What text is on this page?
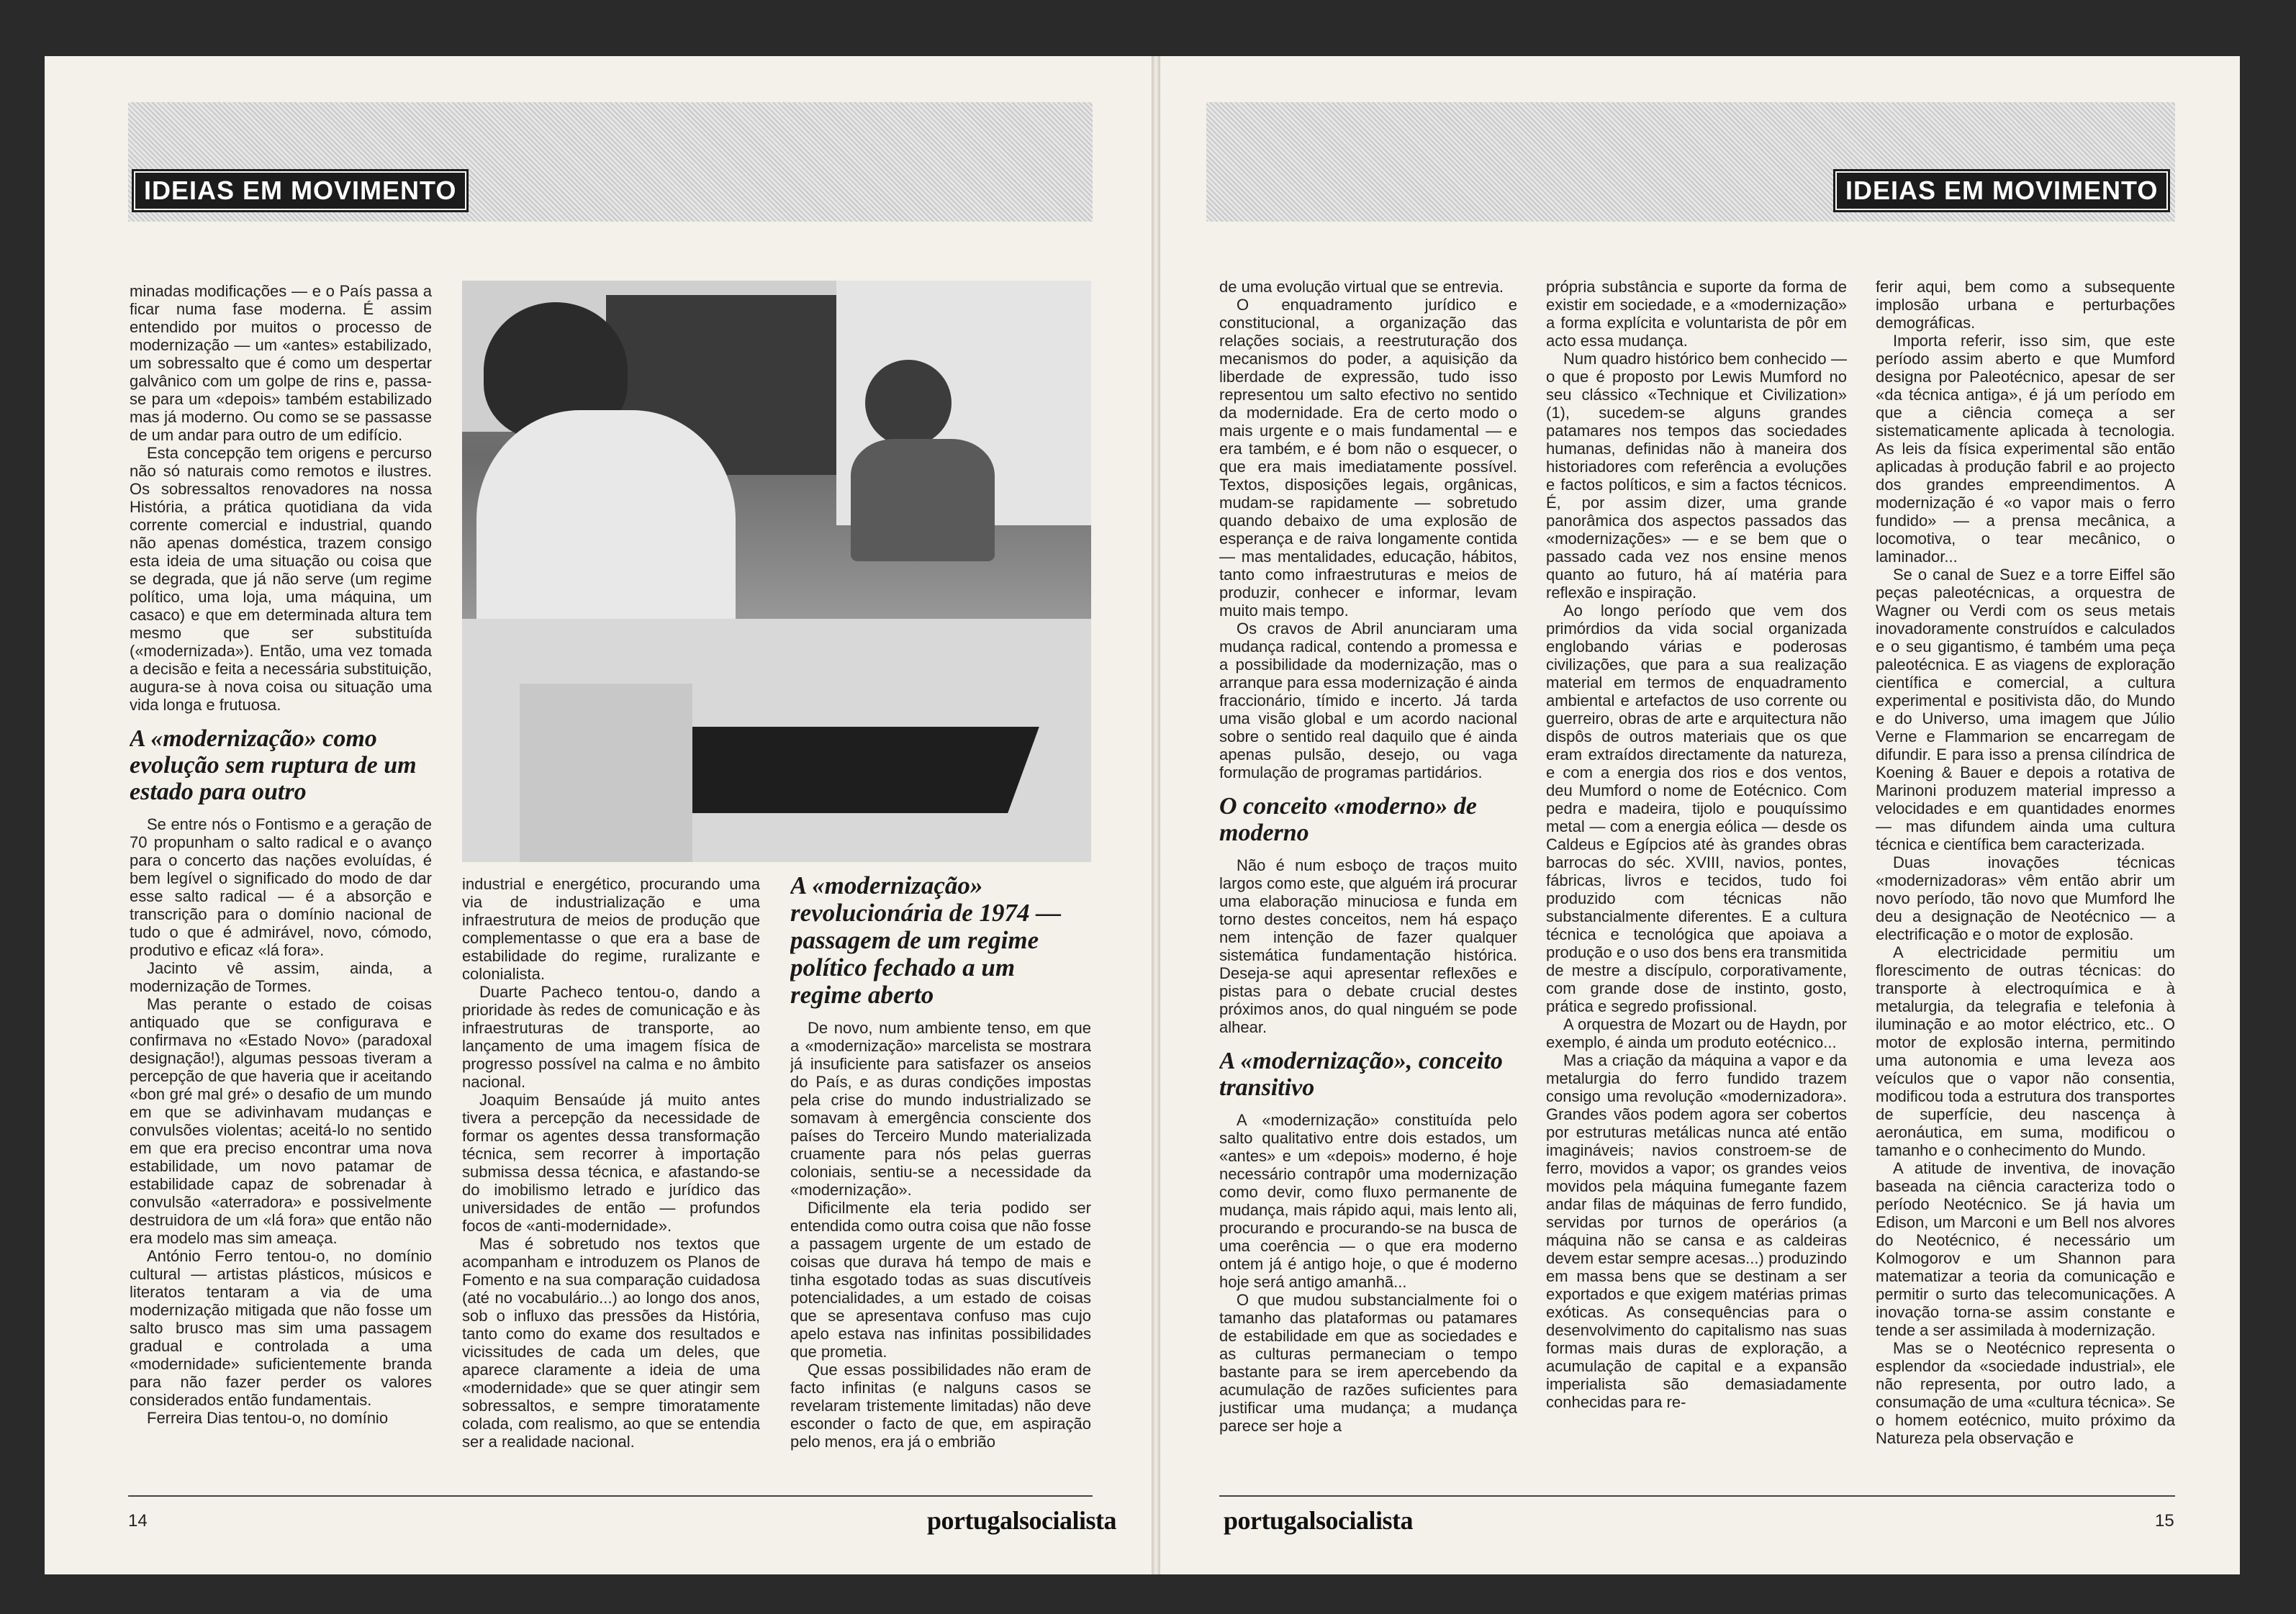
IDEIAS EM MOVIMENTO	IDEIAS EM MOVIMENTO

minadas modificações — e o País passa a ficar numa fase moderna. É assim entendido por muitos o processo de modernização — um «antes» estabilizado, um sobressalto que é como um despertar galvânico com um golpe de rins e, passa-se para um «depois» também estabilizado mas já moderno. Ou como se se passasse de um andar para outro de um edifício.

Esta concepção tem origens e percurso não só naturais como remotos e ilustres. Os sobressaltos renovadores na nossa História, a prática quotidiana da vida corrente comercial e industrial, quando não apenas doméstica, trazem consigo esta ideia de uma situação ou coisa que se degrada, que já não serve (um regime político, uma loja, uma máquina, um casaco) e que em determinada altura tem mesmo que ser substituída («modernizada»). Então, uma vez tomada a decisão e feita a necessária substituição, augura-se à nova coisa ou situação uma vida longa e frutuosa.

A «modernização» como evolução sem ruptura de um estado para outro

Se entre nós o Fontismo e a geração de 70 propunham o salto radical e o avanço para o concerto das nações evoluídas, é bem legível o significado do modo de dar esse salto radical — é a absorção e transcrição para o domínio nacional de tudo o que é admirável, novo, cómodo, produtivo e eficaz «lá fora».

Jacinto vê assim, ainda, a modernização de Tormes.

Mas perante o estado de coisas antiquado que se configurava e confirmava no «Estado Novo» (paradoxal designação!), algumas pessoas tiveram a percepção de que haveria que ir aceitando «bon gré mal gré» o desafio de um mundo em que se adivinhavam mudanças e convulsões violentas; aceitá-lo no sentido em que era preciso encontrar uma nova estabilidade, um novo patamar de estabilidade capaz de sobrenadar à convulsão «aterradora» e possivelmente destruidora de um «lá fora» que então não era modelo mas sim ameaça.

António Ferro tentou-o, no domínio cultural — artistas plásticos, músicos e literatos tentaram a via de uma modernização mitigada que não fosse um salto brusco mas sim uma passagem gradual e controlada a uma «modernidade» suficientemente branda para não fazer perder os valores considerados então fundamentais.

Ferreira Dias tentou-o, no domínio

industrial e energético, procurando uma via de industrialização e uma infraestrutura de meios de produção que complementasse o que era a base de estabilidade do regime, ruralizante e colonialista.

Duarte Pacheco tentou-o, dando a prioridade às redes de comunicação e às infraestruturas de transporte, ao lançamento de uma imagem física de progresso possível na calma e no âmbito nacional.

Joaquim Bensaúde já muito antes tivera a percepção da necessidade de formar os agentes dessa transformação técnica, sem recorrer à importação submissa dessa técnica, e afastando-se do imobilismo letrado e jurídico das universidades de então — profundos focos de «anti-modernidade».

Mas é sobretudo nos textos que acompanham e introduzem os Planos de Fomento e na sua comparação cuidadosa (até no vocabulário...) ao longo dos anos, sob o influxo das pressões da História, tanto como do exame dos resultados e vicissitudes de cada um deles, que aparece claramente a ideia de uma «modernidade» que se quer atingir sem sobressaltos, e sempre timoratamente colada, com realismo, ao que se entendia ser a realidade nacional.

A «modernização» revolucionária de 1974 — passagem de um regime político fechado a um regime aberto

De novo, num ambiente tenso, em que a «modernização» marcelista se mostrara já insuficiente para satisfazer os anseios do País, e as duras condições impostas pela crise do mundo industrializado se somavam à emergência consciente dos países do Terceiro Mundo materializada cruamente para nós pelas guerras coloniais, sentiu-se a necessidade da «modernização».

Dificilmente ela teria podido ser entendida como outra coisa que não fosse a passagem urgente de um estado de coisas que durava há tempo de mais e tinha esgotado todas as suas discutíveis potencialidades, a um estado de coisas que se apresentava confuso mas cujo apelo estava nas infinitas possibilidades que prometia.

Que essas possibilidades não eram de facto infinitas (e nalguns casos se revelaram tristemente limitadas) não deve esconder o facto de que, em aspiração pelo menos, era já o embrião

14	portugalsocialista

de uma evolução virtual que se entrevia.

O enquadramento jurídico e constitucional, a organização das relações sociais, a reestruturação dos mecanismos do poder, a aquisição da liberdade de expressão, tudo isso representou um salto efectivo no sentido da modernidade. Era de certo modo o mais urgente e o mais fundamental — e era também, e é bom não o esquecer, o que era mais imediatamente possível. Textos, disposições legais, orgânicas, mudam-se rapidamente — sobretudo quando debaixo de uma explosão de esperança e de raiva longamente contida — mas mentalidades, educação, hábitos, tanto como infraestruturas e meios de produzir, conhecer e informar, levam muito mais tempo.

Os cravos de Abril anunciaram uma mudança radical, contendo a promessa e a possibilidade da modernização, mas o arranque para essa modernização é ainda fraccionário, tímido e incerto. Já tarda uma visão global e um acordo nacional sobre o sentido real daquilo que é ainda apenas pulsão, desejo, ou vaga formulação de programas partidários.

O conceito «moderno» de moderno

Não é num esboço de traços muito largos como este, que alguém irá procurar uma elaboração minuciosa e funda em torno destes conceitos, nem há espaço nem intenção de fazer qualquer sistemática fundamentação histórica. Deseja-se aqui apresentar reflexões e pistas para o debate crucial destes próximos anos, do qual ninguém se pode alhear.

A «modernização», conceito transitivo

A «modernização» constituída pelo salto qualitativo entre dois estados, um «antes» e um «depois» moderno, é hoje necessário contrapôr uma modernização como devir, como fluxo permanente de mudança, mais rápido aqui, mais lento ali, procurando e procurando-se na busca de uma coerência — o que era moderno ontem já é antigo hoje, o que é moderno hoje será antigo amanhã...

O que mudou substancialmente foi o tamanho das plataformas ou patamares de estabilidade em que as sociedades e as culturas permaneciam o tempo bastante para se irem apercebendo da acumulação de razões suficientes para justificar uma mudança; a mudança parece ser hoje a

própria substância e suporte da forma de existir em sociedade, e a «modernização» a forma explícita e voluntarista de pôr em acto essa mudança.

Num quadro histórico bem conhecido — o que é proposto por Lewis Mumford no seu clássico «Technique et Civilization» (1), sucedem-se alguns grandes patamares nos tempos das sociedades humanas, definidas não à maneira dos historiadores com referência a evoluções e factos políticos, e sim a factos técnicos. É, por assim dizer, uma grande panorâmica dos aspectos passados das «modernizações» — e se bem que o passado cada vez nos ensine menos quanto ao futuro, há aí matéria para reflexão e inspiração.

Ao longo período que vem dos primórdios da vida social organizada englobando várias e poderosas civilizações, que para a sua realização material em termos de enquadramento ambiental e artefactos de uso corrente ou guerreiro, obras de arte e arquitectura não dispôs de outros materiais que os que eram extraídos directamente da natureza, e com a energia dos rios e dos ventos, deu Mumford o nome de Eotécnico. Com pedra e madeira, tijolo e pouquíssimo metal — com a energia eólica — desde os Caldeus e Egípcios até às grandes obras barrocas do séc. XVIII, navios, pontes, fábricas, livros e tecidos, tudo foi produzido com técnicas não substancialmente diferentes. E a cultura técnica e tecnológica que apoiava a produção e o uso dos bens era transmitida de mestre a discípulo, corporativamente, com grande dose de instinto, gosto, prática e segredo profissional.

A orquestra de Mozart ou de Haydn, por exemplo, é ainda um produto eotécnico...

Mas a criação da máquina a vapor e da metalurgia do ferro fundido trazem consigo uma revolução «modernizadora». Grandes vãos podem agora ser cobertos por estruturas metálicas nunca até então imagináveis; navios constroem-se de ferro, movidos a vapor; os grandes veios movidos pela máquina fumegante fazem andar filas de máquinas de ferro fundido, servidas por turnos de operários (a máquina não se cansa e as caldeiras devem estar sempre acesas...) produzindo em massa bens que se destinam a ser exportados e que exigem matérias primas exóticas. As consequências para o desenvolvimento do capitalismo nas suas formas mais duras de exploração, a acumulação de capital e a expansão imperialista são demasiadamente conhecidas para re-

ferir aqui, bem como a subsequente implosão urbana e perturbações demográficas.

Importa referir, isso sim, que este período assim aberto e que Mumford designa por Paleotécnico, apesar de ser «da técnica antiga», é já um período em que a ciência começa a ser sistematicamente aplicada à tecnologia. As leis da física experimental são então aplicadas à produção fabril e ao projecto dos grandes empreendimentos. A modernização é «o vapor mais o ferro fundido» — a prensa mecânica, a locomotiva, o tear mecânico, o laminador...

Se o canal de Suez e a torre Eiffel são peças paleotécnicas, a orquestra de Wagner ou Verdi com os seus metais inovadoramente construídos e calculados e o seu gigantismo, é também uma peça paleotécnica. E as viagens de exploração científica e comercial, a cultura experimental e positivista dão, do Mundo e do Universo, uma imagem que Júlio Verne e Flammarion se encarregam de difundir. E para isso a prensa cilíndrica de Koening & Bauer e depois a rotativa de Marinoni produzem material impresso a velocidades e em quantidades enormes — mas difundem ainda uma cultura técnica e científica bem caracterizada.

Duas inovações técnicas «modernizadoras» vêm então abrir um novo período, tão novo que Mumford lhe deu a designação de Neotécnico — a electrificação e o motor de explosão.

A electricidade permitiu um florescimento de outras técnicas: do transporte à electroquímica e à metalurgia, da telegrafia e telefonia à iluminação e ao motor eléctrico, etc.. O motor de explosão interna, permitindo uma autonomia e uma leveza aos veículos que o vapor não consentia, modificou toda a estrutura dos transportes de superfície, deu nascença à aeronáutica, em suma, modificou o tamanho e o conhecimento do Mundo.

A atitude de inventiva, de inovação baseada na ciência caracteriza todo o período Neotécnico. Se já havia um Edison, um Marconi e um Bell nos alvores do Neotécnico, é necessário um Kolmogorov e um Shannon para matematizar a teoria da comunicação e permitir o surto das telecomunicações. A inovação torna-se assim constante e tende a ser assimilada à modernização.

Mas se o Neotécnico representa o esplendor da «sociedade industrial», ele não representa, por outro lado, a consumação de uma «cultura técnica». Se o homem eotécnico, muito próximo da Natureza pela observação e

portugalsocialista	15
